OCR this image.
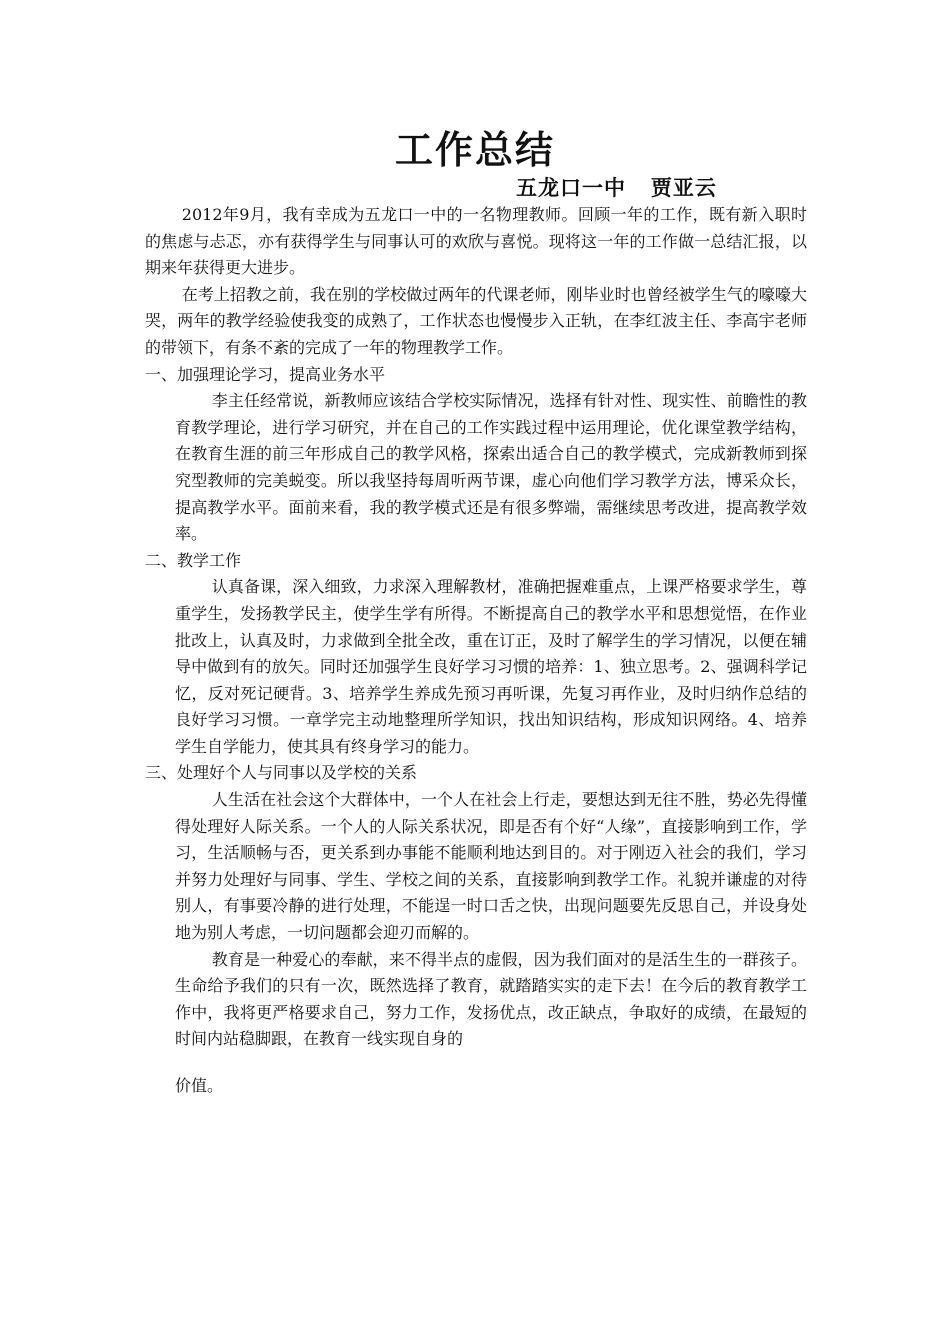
工作总结
五龙口一中   贾亚云

2012年9月，我有幸成为五龙口一中的一名物理教师。回顾一年的工作，既有新入职时的焦虑与忐忑，亦有获得学生与同事认可的欢欣与喜悦。现将这一年的工作做一总结汇报，以期来年获得更大进步。

在考上招教之前，我在别的学校做过两年的代课老师，刚毕业时也曾经被学生气的嚎嚎大哭，两年的教学经验使我变的成熟了，工作状态也慢慢步入正轨，在李红波主任、李高宇老师的带领下，有条不紊的完成了一年的物理教学工作。

一、加强理论学习，提高业务水平

李主任经常说，新教师应该结合学校实际情况，选择有针对性、现实性、前瞻性的教育教学理论，进行学习研究，并在自己的工作实践过程中运用理论，优化课堂教学结构，在教育生涯的前三年形成自己的教学风格，探索出适合自己的教学模式，完成新教师到探究型教师的完美蜕变。所以我坚持每周听两节课，虚心向他们学习教学方法，博采众长，提高教学水平。面前来看，我的教学模式还是有很多弊端，需继续思考改进，提高教学效率。

二、教学工作

认真备课，深入细致，力求深入理解教材，准确把握难重点，上课严格要求学生，尊重学生，发扬教学民主，使学生学有所得。不断提高自己的教学水平和思想觉悟，在作业批改上，认真及时，力求做到全批全改，重在订正，及时了解学生的学习情况，以便在辅导中做到有的放矢。同时还加强学生良好学习习惯的培养：1、独立思考。2、强调科学记忆，反对死记硬背。3、培养学生养成先预习再听课，先复习再作业，及时归纳作总结的良好学习习惯。一章学完主动地整理所学知识，找出知识结构，形成知识网络。4、培养学生自学能力，使其具有终身学习的能力。

三、处理好个人与同事以及学校的关系

人生活在社会这个大群体中，一个人在社会上行走，要想达到无往不胜，势必先得懂得处理好人际关系。一个人的人际关系状况，即是否有个好“人缘”，直接影响到工作，学习，生活顺畅与否，更关系到办事能不能顺利地达到目的。对于刚迈入社会的我们，学习并努力处理好与同事、学生、学校之间的关系，直接影响到教学工作。礼貌并谦虚的对待别人，有事要冷静的进行处理，不能逞一时口舌之快，出现问题要先反思自己，并设身处地为别人考虑，一切问题都会迎刃而解的。

教育是一种爱心的奉献，来不得半点的虚假，因为我们面对的是活生生的一群孩子。生命给予我们的只有一次，既然选择了教育，就踏踏实实的走下去！在今后的教育教学工作中，我将更严格要求自己，努力工作，发扬优点，改正缺点，争取好的成绩，在最短的时间内站稳脚跟，在教育一线实现自身的

价值。
